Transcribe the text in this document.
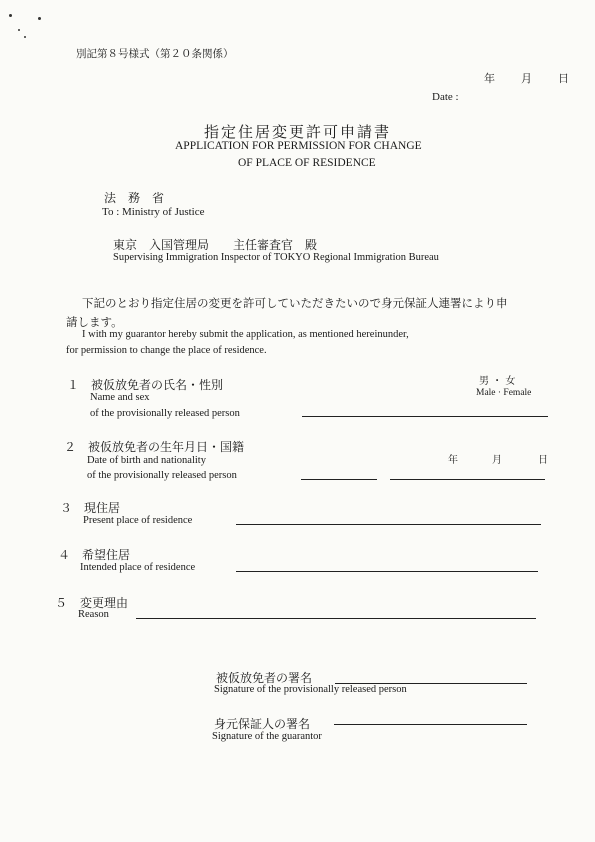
別記第８号様式（第２０条関係）
年 月 日
Date :
指定住居変更許可申請書
APPLICATION FOR PERMISSION FOR CHANGE
OF PLACE OF RESIDENCE
法　務　省
To : Ministry of Justice
東京　入国管理局　　主任審査官　殿
Supervising Immigration Inspector of TOKYO Regional Immigration Bureau
下記のとおり指定住居の変更を許可していただきたいので身元保証人連署により申
請します。
I with my guarantor hereby submit the application, as mentioned hereinunder,
for permission to change the place of residence.
１ 被仮放免者の氏名・性別
Name and sex
of the provisionally released person
男 ・ 女
Male · Female
２ 被仮放免者の生年月日・国籍
Date of birth and nationality
of the provisionally released person
年	月	日
３ 現住居
Present place of residence
４ 希望住居
Intended place of residence
５ 変更理由
Reason
被仮放免者の署名
Signature of the provisionally released person
身元保証人の署名
Signature of the guarantor
